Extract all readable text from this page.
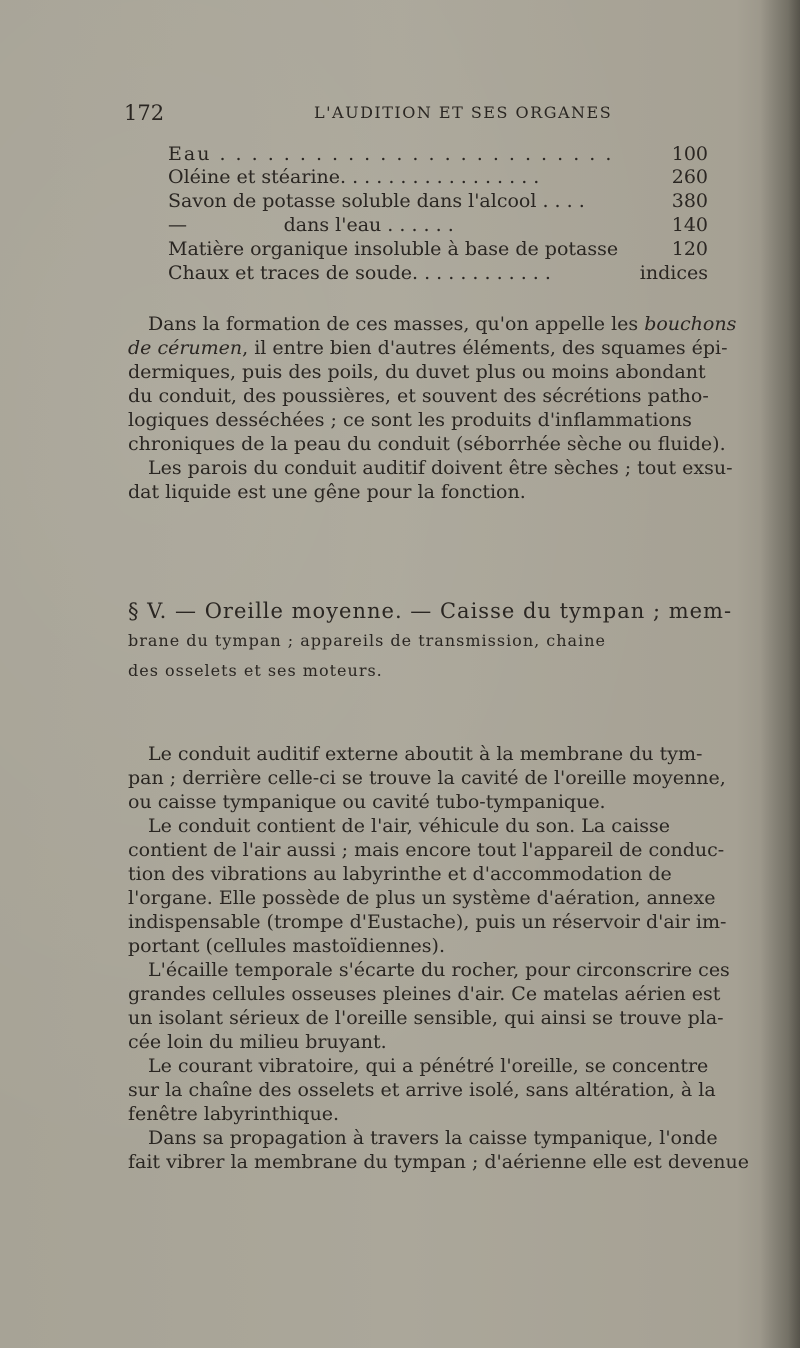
172	L'AUDITION ET SES ORGANES
Eau . . . . . . . . . . . . . . . . . . . . . . . . .	100
Oléine et stéarine. . . . . . . . . . . . . . . . .	260
Savon de potasse soluble dans l'alcool . . . .	380
—                dans l'eau . . . . . .	140
Matière organique insoluble à base de potasse	120
Chaux et traces de soude. . . . . . . . . . . .	indices
Dans la formation de ces masses, qu'on appelle les bouchons
de cérumen, il entre bien d'autres éléments, des squames épi-
dermiques, puis des poils, du duvet plus ou moins abondant
du conduit, des poussières, et souvent des sécrétions patho-
logiques desséchées ; ce sont les produits d'inflammations
chroniques de la peau du conduit (séborrhée sèche ou fluide).
Les parois du conduit auditif doivent être sèches ; tout exsu-
dat liquide est une gêne pour la fonction.
§ V. — Oreille moyenne. — Caisse du tympan ; mem-
brane du tympan ; appareils de transmission, chaine
des osselets et ses moteurs.
Le conduit auditif externe aboutit à la membrane du tym-
pan ; derrière celle-ci se trouve la cavité de l'oreille moyenne,
ou caisse tympanique ou cavité tubo-tympanique.
Le conduit contient de l'air, véhicule du son. La caisse
contient de l'air aussi ; mais encore tout l'appareil de conduc-
tion des vibrations au labyrinthe et d'accommodation de
l'organe. Elle possède de plus un système d'aération, annexe
indispensable (trompe d'Eustache), puis un réservoir d'air im-
portant (cellules mastoïdiennes).
L'écaille temporale s'écarte du rocher, pour circonscrire ces
grandes cellules osseuses pleines d'air. Ce matelas aérien est
un isolant sérieux de l'oreille sensible, qui ainsi se trouve pla-
cée loin du milieu bruyant.
Le courant vibratoire, qui a pénétré l'oreille, se concentre
sur la chaîne des osselets et arrive isolé, sans altération, à la
fenêtre labyrinthique.
Dans sa propagation à travers la caisse tympanique, l'onde
fait vibrer la membrane du tympan ; d'aérienne elle est devenue
